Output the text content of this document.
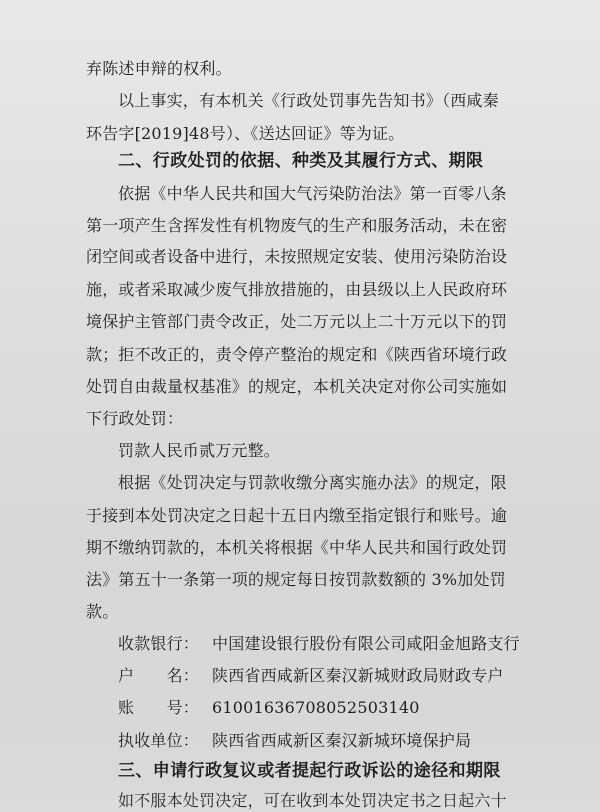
弃陈述申辩的权利。
以上事实，有本机关《行政处罚事先告知书》（西咸秦
环告字[2019]48号）、《送达回证》等为证。
二、行政处罚的依据、种类及其履行方式、期限
依据《中华人民共和国大气污染防治法》第一百零八条
第一项产生含挥发性有机物废气的生产和服务活动，未在密
闭空间或者设备中进行，未按照规定安装、使用污染防治设
施，或者采取减少废气排放措施的，由县级以上人民政府环
境保护主管部门责令改正，处二万元以上二十万元以下的罚
款；拒不改正的，责令停产整治的规定和《陕西省环境行政
处罚自由裁量权基准》的规定，本机关决定对你公司实施如
下行政处罚：
罚款人民币贰万元整。
根据《处罚决定与罚款收缴分离实施办法》的规定，限
于接到本处罚决定之日起十五日内缴至指定银行和账号。逾
期不缴纳罚款的，本机关将根据《中华人民共和国行政处罚
法》第五十一条第一项的规定每日按罚款数额的 3%加处罚
款。
收款银行： 中国建设银行股份有限公司咸阳金旭路支行
户　　名： 陕西省西咸新区秦汉新城财政局财政专户
账　　号： 61001636708052503140
执收单位： 陕西省西咸新区秦汉新城环境保护局
三、申请行政复议或者提起行政诉讼的途径和期限
如不服本处罚决定，可在收到本处罚决定书之日起六十
